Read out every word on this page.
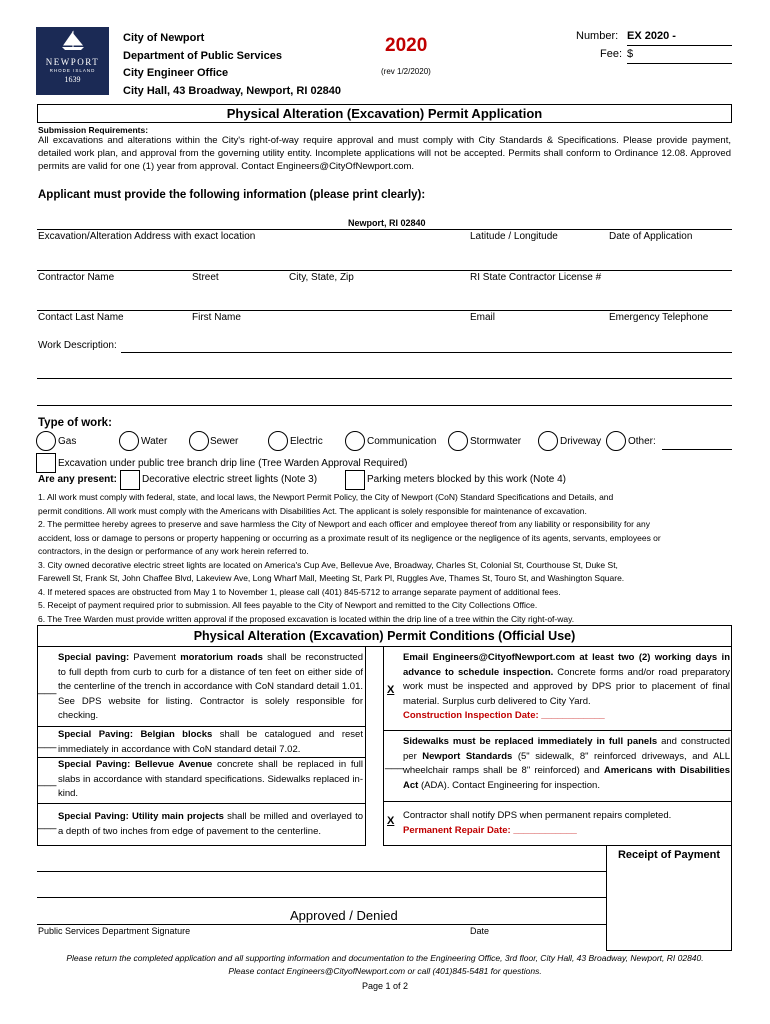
NEWPORT
RHODE ISLAND
1639
City of Newport
Department of Public Services
City Engineer Office
City Hall, 43 Broadway, Newport, RI 02840
2020
(rev 1/2/2020)
Number: EX 2020 -
Fee: $
Physical Alteration (Excavation) Permit Application
Submission Requirements:
All excavations and alterations within the City's right-of-way require approval and must comply with City Standards & Specifications. Please provide payment, detailed work plan, and approval from the governing utility entity. Incomplete applications will not be accepted. Permits shall conform to Ordinance 12.08. Approved permits are valid for one (1) year from approval. Contact Engineers@CityOfNewport.com.
Applicant must provide the following information (please print clearly):
Newport, RI 02840
Excavation/Alteration Address with exact location	Latitude / Longitude	Date of Application
Contractor Name	Street	City, State, Zip	RI State Contractor License #
Contact Last Name	First Name	Email	Emergency Telephone
Work Description:
Type of work:
Gas	Water	Sewer	Electric	Communication	Stormwater	Driveway	Other:
Excavation under public tree branch drip line (Tree Warden Approval Required)
Are any present:	Decorative electric street lights (Note 3)	Parking meters blocked by this work (Note 4)
1. All work must comply with federal, state, and local laws, the Newport Permit Policy, the City of Newport (CoN) Standard Specifications and Details, and
permit conditions. All work must comply with the Americans with Disabilities Act. The applicant is solely responsible for maintenance of excavation.
2. The permittee hereby agrees to preserve and save harmless the City of Newport and each officer and employee thereof from any liability or responsibility for any
accident, loss or damage to persons or property happening or occurring as a proximate result of its negligence or the negligence of its agents, servants, employees or
contractors, in the design or performance of any work herein referred to.
3. City owned decorative electric street lights are located on America's Cup Ave, Bellevue Ave, Broadway, Charles St, Colonial St, Courthouse St, Duke St,
Farewell St, Frank St, John Chaffee Blvd, Lakeview Ave, Long Wharf Mall, Meeting St, Park Pl, Ruggles Ave, Thames St, Touro St, and Washington Square.
4. If metered spaces are obstructed from May 1 to November 1, please call (401) 845-5712 to arrange separate payment of additional fees.
5. Receipt of payment required prior to submission. All fees payable to the City of Newport and remitted to the City Collections Office.
6. The Tree Warden must provide written approval if the proposed excavation is located within the drip line of a tree within the City right-of-way.
Physical Alteration (Excavation) Permit Conditions (Official Use)
Special paving: Pavement moratorium roads shall be reconstructed to full depth from curb to curb for a distance of ten feet on either side of the centerline of the trench in accordance with CoN standard detail 1.01. See DPS website for listing. Contractor is solely responsible for checking.
___
Special Paving: Belgian blocks shall be catalogued and reset immediately in accordance with CoN standard detail 7.02.
___
Special Paving: Bellevue Avenue concrete shall be replaced in full slabs in accordance with standard specifications. Sidewalks replaced in-kind.
___
Special Paving: Utility main projects shall be milled and overlayed to a depth of two inches from edge of pavement to the centerline.
___
Email Engineers@CityofNewport.com at least two (2) working days in advance to schedule inspection. Concrete forms and/or road preparatory work must be inspected and approved by DPS prior to placement of final material. Surplus curb delivered to City Yard.
Construction Inspection Date: ____________
X
Sidewalks must be replaced immediately in full panels and constructed per Newport Standards (5" sidewalk, 8" reinforced driveways, and ALL wheelchair ramps shall be 8" reinforced) and Americans with Disabilities Act (ADA). Contact Engineering for inspection.
___
Contractor shall notify DPS when permanent repairs completed.
Permanent Repair Date: ____________
X
Receipt of Payment
Approved / Denied
Public Services Department Signature	Date
Please return the completed application and all supporting information and documentation to the Engineering Office, 3rd floor, City Hall, 43 Broadway, Newport, RI 02840.
Please contact Engineers@CityofNewport.com or call (401)845-5481 for questions.
Page 1 of 2
